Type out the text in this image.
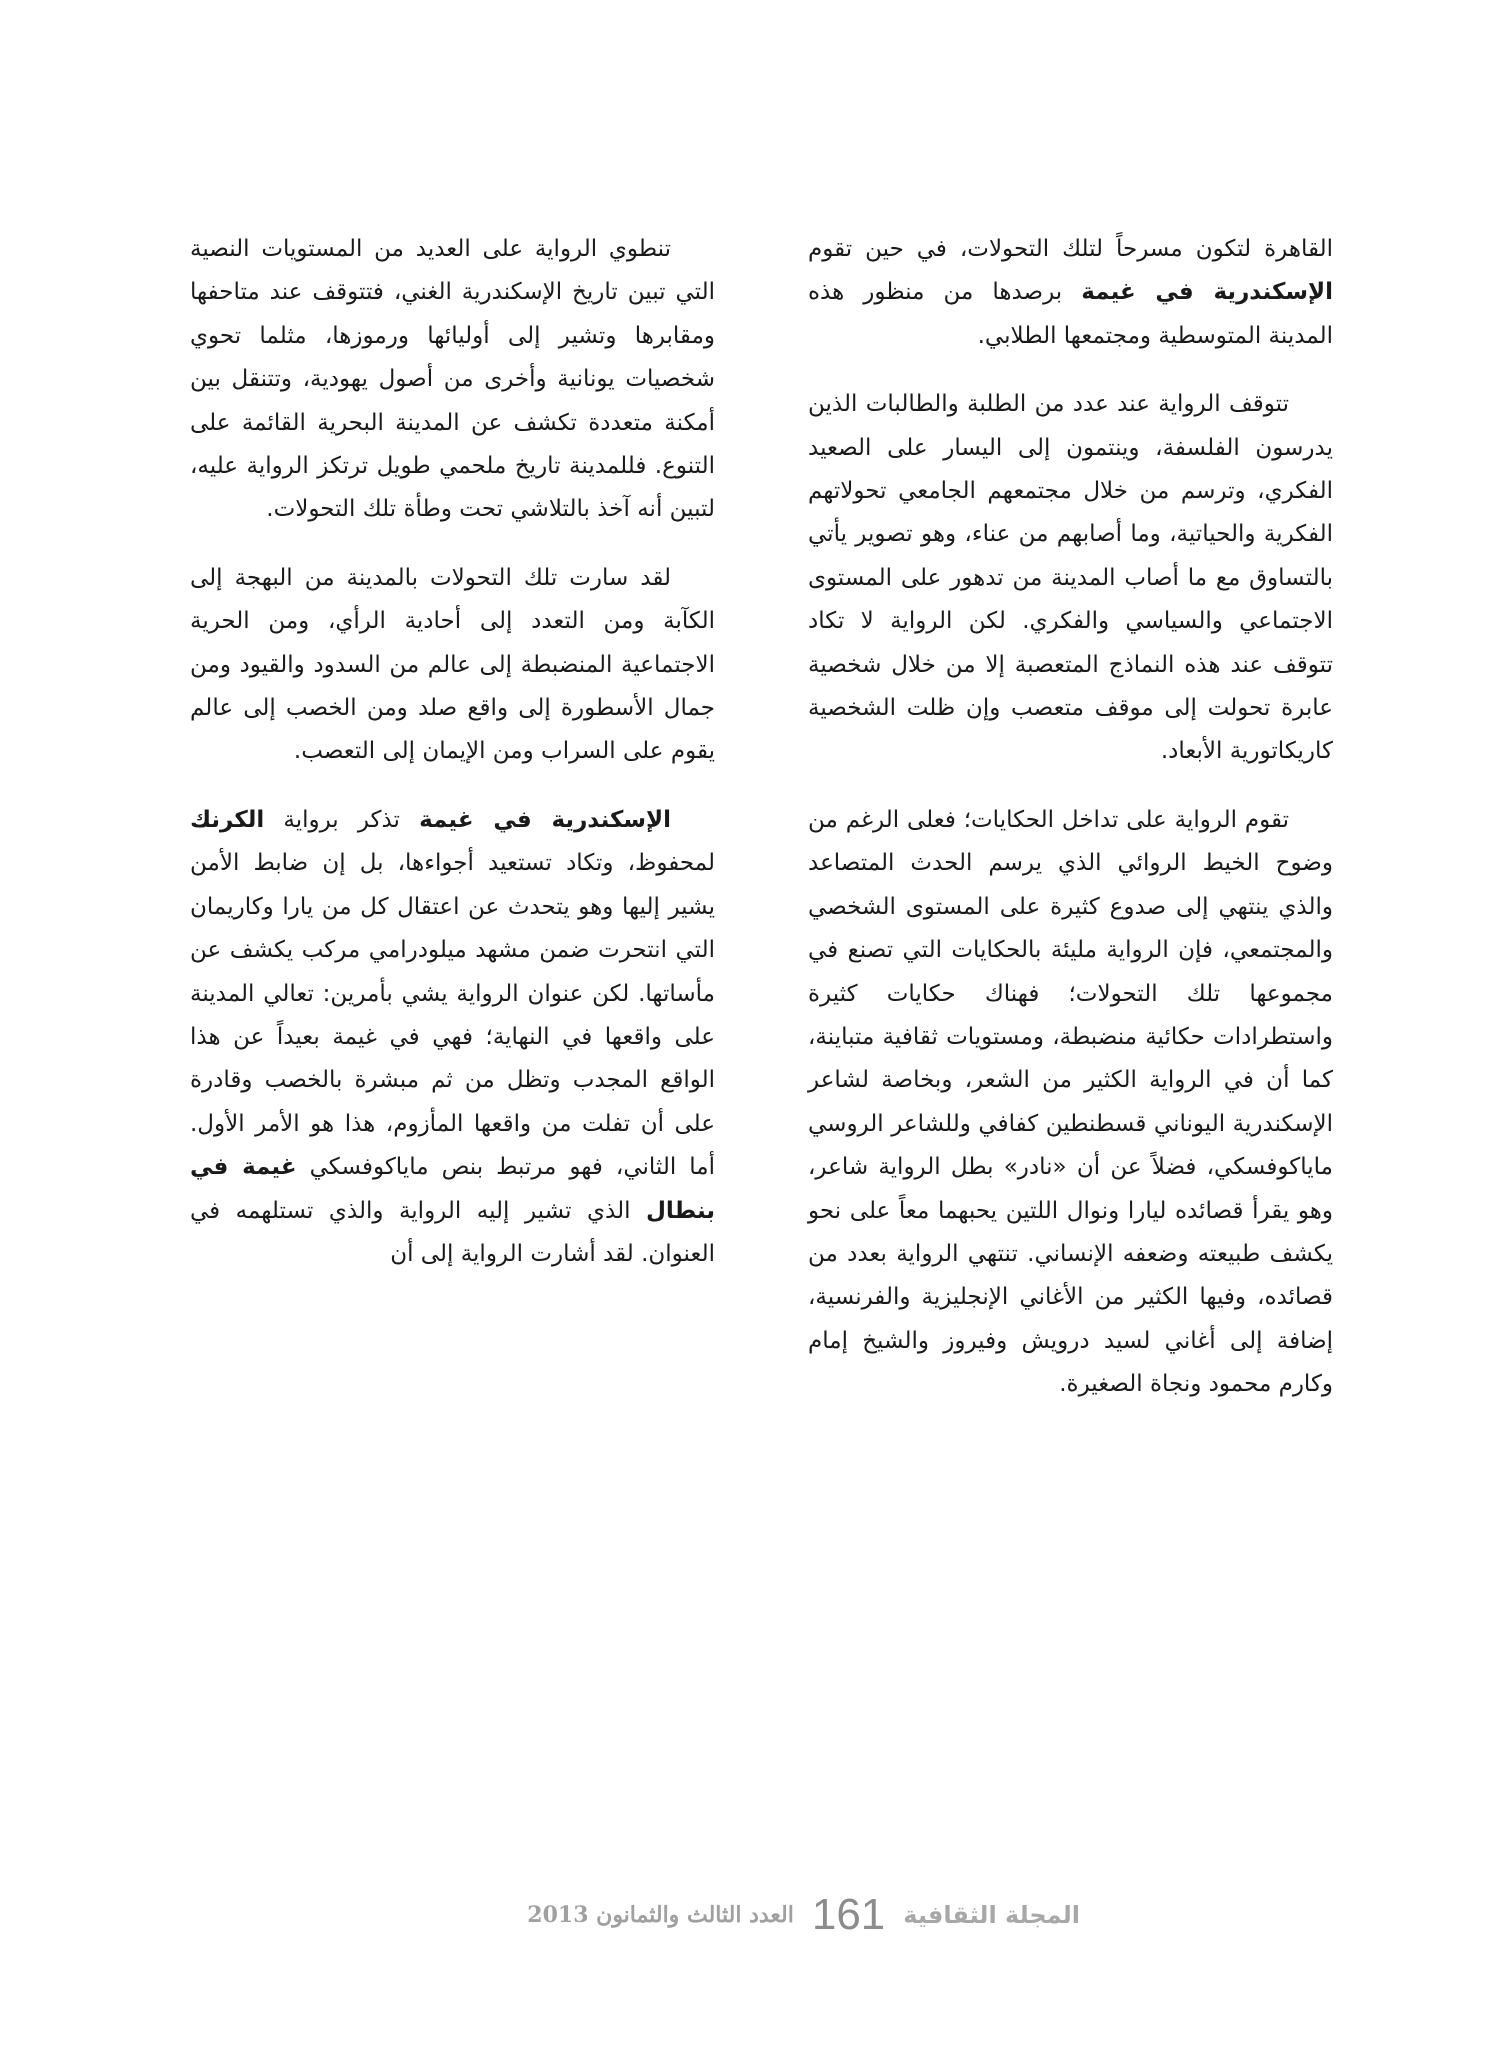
القاهرة لتكون مسرحاً لتلك التحولات، في حين تقوم الإسكندرية في غيمة برصدها من منظور هذه المدينة المتوسطية ومجتمعها الطلابي.

تتوقف الرواية عند عدد من الطلبة والطالبات الذين يدرسون الفلسفة، وينتمون إلى اليسار على الصعيد الفكري، وترسم من خلال مجتمعهم الجامعي تحولاتهم الفكرية والحياتية، وما أصابهم من عناء، وهو تصوير يأتي بالتساوق مع ما أصاب المدينة من تدهور على المستوى الاجتماعي والسياسي والفكري. لكن الرواية لا تكاد تتوقف عند هذه النماذج المتعصبة إلا من خلال شخصية عابرة تحولت إلى موقف متعصب وإن ظلت الشخصية كاريكاتورية الأبعاد.

تقوم الرواية على تداخل الحكايات؛ فعلى الرغم من وضوح الخيط الروائي الذي يرسم الحدث المتصاعد والذي ينتهي إلى صدوع كثيرة على المستوى الشخصي والمجتمعي، فإن الرواية مليئة بالحكايات التي تصنع في مجموعها تلك التحولات؛ فهناك حكايات كثيرة واستطرادات حكائية منضبطة، ومستويات ثقافية متباينة، كما أن في الرواية الكثير من الشعر، وبخاصة لشاعر الإسكندرية اليوناني قسطنطين كفافي وللشاعر الروسي ماياكوفسكي، فضلاً عن أن «نادر» بطل الرواية شاعر، وهو يقرأ قصائده ليارا ونوال اللتين يحبهما معاً على نحو يكشف طبيعته وضعفه الإنساني. تنتهي الرواية بعدد من قصائده، وفيها الكثير من الأغاني الإنجليزية والفرنسية، إضافة إلى أغاني لسيد درويش وفيروز والشيخ إمام وكارم محمود ونجاة الصغيرة.

تنطوي الرواية على العديد من المستويات النصية التي تبين تاريخ الإسكندرية الغني، فتتوقف عند متاحفها ومقابرها وتشير إلى أوليائها ورموزها، مثلما تحوي شخصيات يونانية وأخرى من أصول يهودية، وتتنقل بين أمكنة متعددة تكشف عن المدينة البحرية القائمة على التنوع. فللمدينة تاريخ ملحمي طويل ترتكز الرواية عليه، لتبين أنه آخذ بالتلاشي تحت وطأة تلك التحولات.

لقد سارت تلك التحولات بالمدينة من البهجة إلى الكآبة ومن التعدد إلى أحادية الرأي، ومن الحرية الاجتماعية المنضبطة إلى عالم من السدود والقيود ومن جمال الأسطورة إلى واقع صلد ومن الخصب إلى عالم يقوم على السراب ومن الإيمان إلى التعصب.

الإسكندرية في غيمة تذكر برواية الكرنك لمحفوظ، وتكاد تستعيد أجواءها، بل إن ضابط الأمن يشير إليها وهو يتحدث عن اعتقال كل من يارا وكاريمان التي انتحرت ضمن مشهد ميلودرامي مركب يكشف عن مأساتها. لكن عنوان الرواية يشي بأمرين: تعالي المدينة على واقعها في النهاية؛ فهي في غيمة بعيداً عن هذا الواقع المجدب وتظل من ثم مبشرة بالخصب وقادرة على أن تفلت من واقعها المأزوم، هذا هو الأمر الأول. أما الثاني، فهو مرتبط بنص ماياكوفسكي غيمة في بنطال الذي تشير إليه الرواية والذي تستلهمه في العنوان. لقد أشارت الرواية إلى أن

المجلة الثقافية
161
العدد الثالث والثمانون 2013
